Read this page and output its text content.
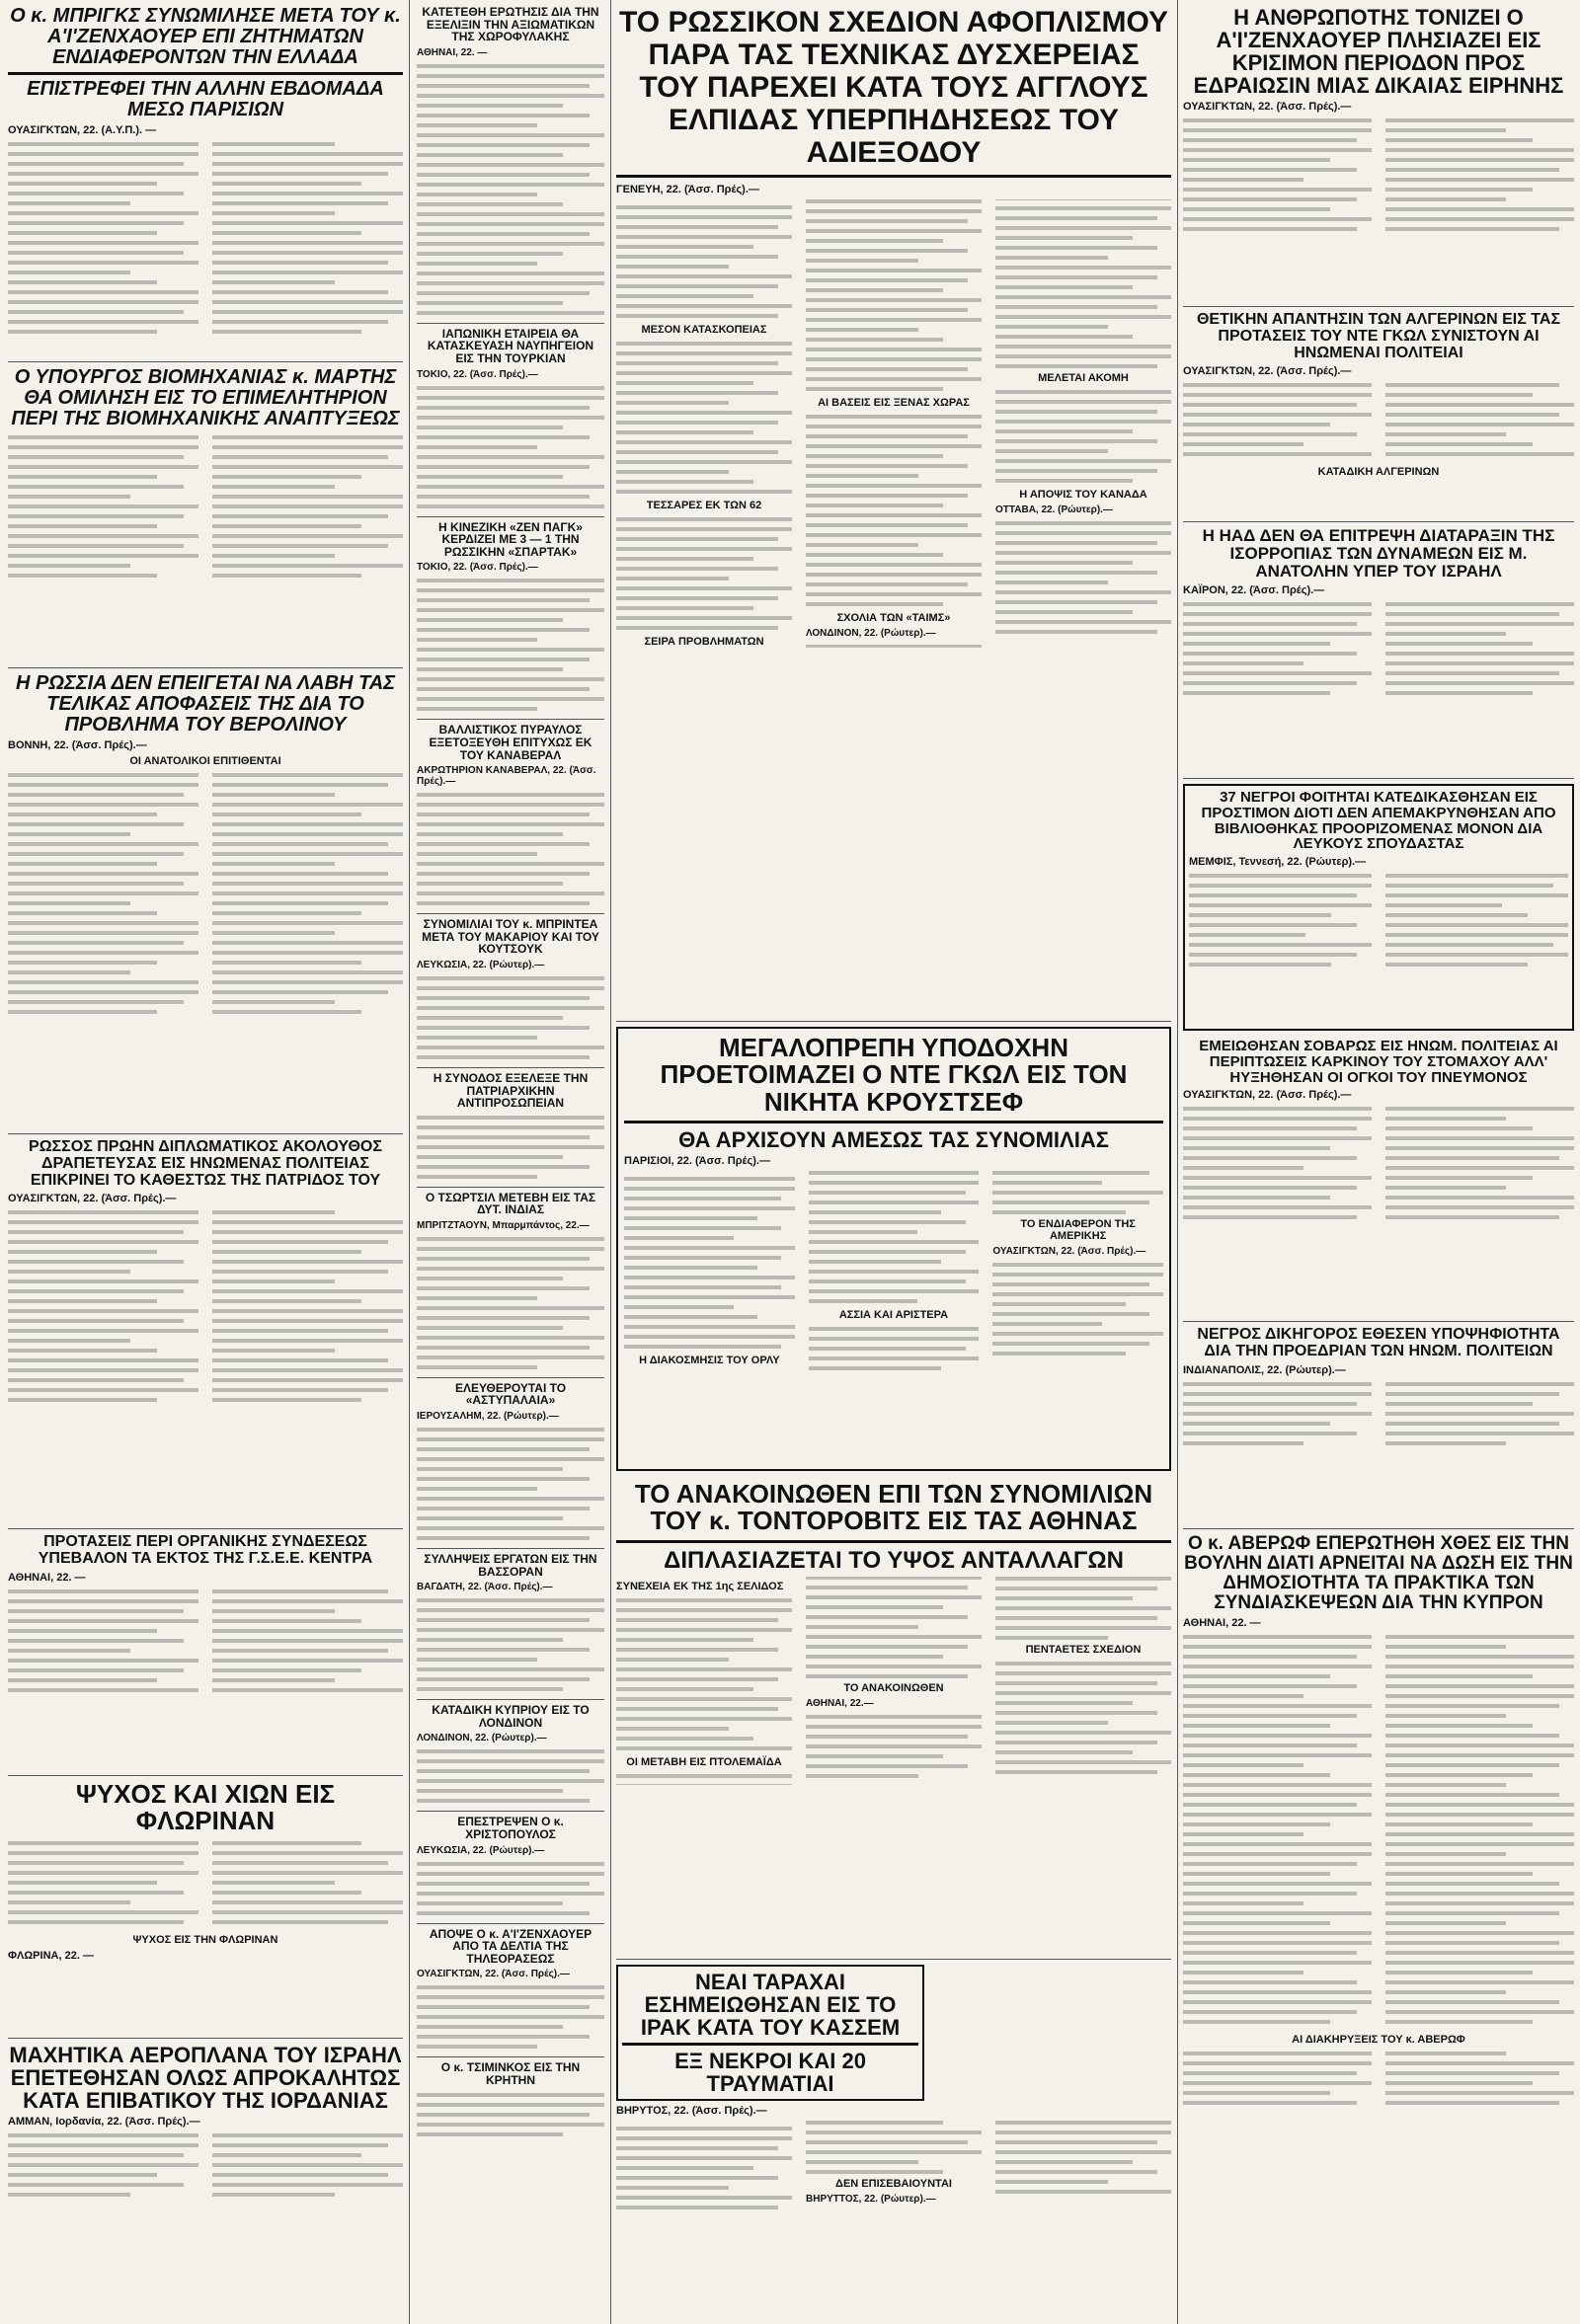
Ο κ. ΜΠΡΙΓΚΣ ΣΥΝΩΜΙΛΗΣΕ ΜΕΤΑ ΤΟΥ κ. Α'Ι'ΖΕΝΧΑΟΥΕΡ ΕΠΙ ΖΗΤΗΜΑΤΩΝ ΕΝΔΙΑΦΕΡΟΝΤΩΝ ΤΗΝ ΕΛΛΑΔΑ
ΕΠΙΣΤΡΕΦΕΙ ΤΗΝ ΑΛΛΗΝ ΕΒΔΟΜΑΔΑ ΜΕΣΩ ΠΑΡΙΣΙΩΝ
ΟΥΑΣΙΓΚΤΩΝ, 22. (Α.Υ.Π.). —
Ο ΥΠΟΥΡΓΟΣ ΒΙΟΜΗΧΑΝΙΑΣ κ. ΜΑΡΤΗΣ ΘΑ ΟΜΙΛΗΣΗ ΕΙΣ ΤΟ ΕΠΙΜΕΛΗΤΗΡΙΟΝ ΠΕΡΙ ΤΗΣ ΒΙΟΜΗΧΑΝΙΚΗΣ ΑΝΑΠΤΥΞΕΩΣ
Η ΡΩΣΣΙΑ ΔΕΝ ΕΠΕΙΓΕΤΑΙ ΝΑ ΛΑΒΗ ΤΑΣ ΤΕΛΙΚΑΣ ΑΠΟΦΑΣΕΙΣ ΤΗΣ ΔΙΑ ΤΟ ΠΡΟΒΛΗΜΑ ΤΟΥ ΒΕΡΟΛΙΝΟΥ
ΒΟΝΝΗ, 22. (Άσσ. Πρές).—
ΟΙ ΑΝΑΤΟΛΙΚΟΙ ΕΠΙΤΙΘΕΝΤΑΙ
ΡΩΣΣΟΣ ΠΡΩΗΝ ΔΙΠΛΩΜΑΤΙΚΟΣ ΑΚΟΛΟΥΘΟΣ ΔΡΑΠΕΤΕΥΣΑΣ ΕΙΣ ΗΝΩΜΕΝΑΣ ΠΟΛΙΤΕΙΑΣ ΕΠΙΚΡΙΝΕΙ ΤΟ ΚΑΘΕΣΤΩΣ ΤΗΣ ΠΑΤΡΙΔΟΣ ΤΟΥ
ΟΥΑΣΙΓΚΤΩΝ, 22. (Άσσ. Πρές).—
ΠΡΟΤΑΣΕΙΣ ΠΕΡΙ ΟΡΓΑΝΙΚΗΣ ΣΥΝΔΕΣΕΩΣ ΥΠΕΒΑΛΟΝ ΤΑ ΕΚΤΟΣ ΤΗΣ Γ.Σ.Ε.Ε. ΚΕΝΤΡΑ
ΑΘΗΝΑΙ, 22. —
ΨΥΧΟΣ ΚΑΙ ΧΙΩΝ ΕΙΣ ΦΛΩΡΙΝΑΝ
ΨΥΧΟΣ ΕΙΣ ΤΗΝ ΦΛΩΡΙΝΑΝ
ΦΛΩΡΙΝΑ, 22. —
ΜΑΧΗΤΙΚΑ ΑΕΡΟΠΛΑΝΑ ΤΟΥ ΙΣΡΑΗΛ ΕΠΕΤΕΘΗΣΑΝ ΟΛΩΣ ΑΠΡΟΚΑΛΗΤΩΣ ΚΑΤΑ ΕΠΙΒΑΤΙΚΟΥ ΤΗΣ ΙΟΡΔΑΝΙΑΣ
ΑΜΜΑΝ, Ιορδανία, 22. (Άσσ. Πρές).—
ΚΑΤΕΤΕΘΗ ΕΡΩΤΗΣΙΣ ΔΙΑ ΤΗΝ ΕΞΕΛΙΞΙΝ ΤΗΝ ΑΞΙΩΜΑΤΙΚΩΝ ΤΗΣ ΧΩΡΟΦΥΛΑΚΗΣ
ΑΘΗΝΑΙ, 22. —
ΙΑΠΩΝΙΚΗ ΕΤΑΙΡΕΙΑ ΘΑ ΚΑΤΑΣΚΕΥΑΣΗ ΝΑΥΠΗΓΕΙΟΝ ΕΙΣ ΤΗΝ ΤΟΥΡΚΙΑΝ
ΤΟΚΙΟ, 22. (Άσσ. Πρές).—
Η ΚΙΝΕΖΙΚΗ «ΖΕΝ ΠΑΓΚ» ΚΕΡΔΙΖΕΙ ΜΕ 3 — 1 ΤΗΝ ΡΩΣΣΙΚΗΝ «ΣΠΑΡΤΑΚ»
ΤΟΚΙΟ, 22. (Άσσ. Πρές).—
ΒΑΛΛΙΣΤΙΚΟΣ ΠΥΡΑΥΛΟΣ ΕΞΕΤΟΞΕΥΘΗ ΕΠΙΤΥΧΩΣ ΕΚ ΤΟΥ ΚΑΝΑΒΕΡΑΛ
ΑΚΡΩΤΗΡΙΟΝ ΚΑΝΑΒΕΡΑΛ, 22. (Άσσ. Πρές).—
ΣΥΝΟΜΙΛΙΑΙ ΤΟΥ κ. ΜΠΡΙΝΤΕΑ ΜΕΤΑ ΤΟΥ ΜΑΚΑΡΙΟΥ ΚΑΙ ΤΟΥ ΚΟΥΤΣΟΥΚ
ΛΕΥΚΩΣΙΑ, 22. (Ρώυτερ).—
Η ΣΥΝΟΔΟΣ ΕΞΕΛΕΞΕ ΤΗΝ ΠΑΤΡΙΑΡΧΙΚΗΝ ΑΝΤΙΠΡΟΣΩΠΕΙΑΝ
Ο ΤΣΩΡΤΣΙΛ ΜΕΤΕΒΗ ΕΙΣ ΤΑΣ ΔΥΤ. ΙΝΔΙΑΣ
ΜΠΡΙΤΖΤΑΟΥΝ, Μπαρμπάντος, 22.—
ΕΛΕΥΘΕΡΟΥΤΑΙ ΤΟ «ΑΣΤΥΠΑΛΑΙΑ»
ΙΕΡΟΥΣΑΛΗΜ, 22. (Ρώυτερ).—
ΣΥΛΛΗΨΕΙΣ ΕΡΓΑΤΩΝ ΕΙΣ ΤΗΝ ΒΑΣΣΟΡΑΝ
ΒΑΓΔΑΤΗ, 22. (Άσσ. Πρές).—
ΚΑΤΑΔΙΚΗ ΚΥΠΡΙΟΥ ΕΙΣ ΤΟ ΛΟΝΔΙΝΟΝ
ΛΟΝΔΙΝΟΝ, 22. (Ρώυτερ).—
ΕΠΕΣΤΡΕΨΕΝ Ο κ. ΧΡΙΣΤΟΠΟΥΛΟΣ
ΛΕΥΚΩΣΙΑ, 22. (Ρώυτερ).—
ΑΠΟΨΕ Ο κ. Α'Ι'ΖΕΝΧΑΟΥΕΡ ΑΠΟ ΤΑ ΔΕΛΤΙΑ ΤΗΣ ΤΗΛΕΟΡΑΣΕΩΣ
ΟΥΑΣΙΓΚΤΩΝ, 22. (Άσσ. Πρές).—
Ο κ. ΤΣΙΜΙΝΚΟΣ ΕΙΣ ΤΗΝ ΚΡΗΤΗΝ
ΤΟ ΡΩΣΣΙΚΟΝ ΣΧΕΔΙΟΝ ΑΦΟΠΛΙΣΜΟΥ ΠΑΡΑ ΤΑΣ ΤΕΧΝΙΚΑΣ ΔΥΣΧΕΡΕΙΑΣ ΤΟΥ ΠΑΡΕΧΕΙ ΚΑΤΑ ΤΟΥΣ ΑΓΓΛΟΥΣ ΕΛΠΙΔΑΣ ΥΠΕΡΠΗΔΗΣΕΩΣ ΤΟΥ ΑΔΙΕΞΟΔΟΥ
ΓΕΝΕΥΗ, 22. (Άσσ. Πρές).—
ΜΕΣΟΝ ΚΑΤΑΣΚΟΠΕΙΑΣ
ΤΕΣΣΑΡΕΣ ΕΚ ΤΩΝ 62
ΣΕΙΡΑ ΠΡΟΒΛΗΜΑΤΩΝ
ΑΙ ΒΑΣΕΙΣ ΕΙΣ ΞΕΝΑΣ ΧΩΡΑΣ
ΣΧΟΛΙΑ ΤΩΝ «ΤΑΙΜΣ»
ΛΟΝΔΙΝΟΝ, 22. (Ρώυτερ).—
ΜΕΛΕΤΑΙ ΑΚΟΜΗ
Η ΑΠΟΨΙΣ ΤΟΥ ΚΑΝΑΔΑ
ΟΤΤΑΒΑ, 22. (Ρώυτερ).—
ΜΕΓΑΛΟΠΡΕΠΗ ΥΠΟΔΟΧΗΝ ΠΡΟΕΤΟΙΜΑΖΕΙ Ο ΝΤΕ ΓΚΩΛ ΕΙΣ ΤΟΝ ΝΙΚΗΤΑ ΚΡΟΥΣΤΣΕΦ
ΘΑ ΑΡΧΙΣΟΥΝ ΑΜΕΣΩΣ ΤΑΣ ΣΥΝΟΜΙΛΙΑΣ
ΠΑΡΙΣΙΟΙ, 22. (Άσσ. Πρές).—
Η ΔΙΑΚΟΣΜΗΣΙΣ ΤΟΥ ΟΡΛΥ
ΑΣΣΙΑ ΚΑΙ ΑΡΙΣΤΕΡΑ
ΤΟ ΕΝΔΙΑΦΕΡΟΝ ΤΗΣ ΑΜΕΡΙΚΗΣ
ΟΥΑΣΙΓΚΤΩΝ, 22. (Άσσ. Πρές).—
ΤΟ ΑΝΑΚΟΙΝΩΘΕΝ ΕΠΙ ΤΩΝ ΣΥΝΟΜΙΛΙΩΝ ΤΟΥ κ. ΤΟΝΤΟΡΟΒΙΤΣ ΕΙΣ ΤΑΣ ΑΘΗΝΑΣ
ΔΙΠΛΑΣΙΑΖΕΤΑΙ ΤΟ ΥΨΟΣ ΑΝΤΑΛΛΑΓΩΝ
ΣΥΝΕΧΕΙΑ ΕΚ ΤΗΣ 1ης ΣΕΛΙΔΟΣ
ΟΙ ΜΕΤΑΒΗ ΕΙΣ ΠΤΟΛΕΜΑΪΔΑ
ΤΟ ΑΝΑΚΟΙΝΩΘΕΝ
ΑΘΗΝΑΙ, 22.—
ΠΕΝΤΑΕΤΕΣ ΣΧΕΔΙΟΝ
ΝΕΑΙ ΤΑΡΑΧΑΙ ΕΣΗΜΕΙΩΘΗΣΑΝ ΕΙΣ ΤΟ ΙΡΑΚ ΚΑΤΑ ΤΟΥ ΚΑΣΣΕΜ
ΕΞ ΝΕΚΡΟΙ ΚΑΙ 20 ΤΡΑΥΜΑΤΙΑΙ
ΒΗΡΥΤΟΣ, 22. (Άσσ. Πρές).—
ΔΕΝ ΕΠΙΣΕΒΑΙΟΥΝΤΑΙ
ΒΗΡΥΤΤΟΣ, 22. (Ρώυτερ).—
Η ΑΝΘΡΩΠΟΤΗΣ ΤΟΝΙΖΕΙ Ο Α'Ι'ΖΕΝΧΑΟΥΕΡ ΠΛΗΣΙΑΖΕΙ ΕΙΣ ΚΡΙΣΙΜΟΝ ΠΕΡΙΟΔΟΝ ΠΡΟΣ ΕΔΡΑΙΩΣΙΝ ΜΙΑΣ ΔΙΚΑΙΑΣ ΕΙΡΗΝΗΣ
ΟΥΑΣΙΓΚΤΩΝ, 22. (Άσσ. Πρές).—
ΘΕΤΙΚΗΝ ΑΠΑΝΤΗΣΙΝ ΤΩΝ ΑΛΓΕΡΙΝΩΝ ΕΙΣ ΤΑΣ ΠΡΟΤΑΣΕΙΣ ΤΟΥ ΝΤΕ ΓΚΩΛ ΣΥΝΙΣΤΟΥΝ ΑΙ ΗΝΩΜΕΝΑΙ ΠΟΛΙΤΕΙΑΙ
ΟΥΑΣΙΓΚΤΩΝ, 22. (Άσσ. Πρές).—
ΚΑΤΑΔΙΚΗ ΑΛΓΕΡΙΝΩΝ
Η ΗΑΔ ΔΕΝ ΘΑ ΕΠΙΤΡΕΨΗ ΔΙΑΤΑΡΑΞΙΝ ΤΗΣ ΙΣΟΡΡΟΠΙΑΣ ΤΩΝ ΔΥΝΑΜΕΩΝ ΕΙΣ Μ. ΑΝΑΤΟΛΗΝ ΥΠΕΡ ΤΟΥ ΙΣΡΑΗΛ
ΚΑΪΡΟΝ, 22. (Άσσ. Πρές).—
37 ΝΕΓΡΟΙ ΦΟΙΤΗΤΑΙ ΚΑΤΕΔΙΚΑΣΘΗΣΑΝ ΕΙΣ ΠΡΟΣΤΙΜΟΝ ΔΙΟΤΙ ΔΕΝ ΑΠΕΜΑΚΡΥΝΘΗΣΑΝ ΑΠΟ ΒΙΒΛΙΟΘΗΚΑΣ ΠΡΟΟΡΙΖΟΜΕΝΑΣ ΜΟΝΟΝ ΔΙΑ ΛΕΥΚΟΥΣ ΣΠΟΥΔΑΣΤΑΣ
ΜΕΜΦΙΣ, Τεννεσή, 22. (Ρώυτερ).—
ΕΜΕΙΩΘΗΣΑΝ ΣΟΒΑΡΩΣ ΕΙΣ ΗΝΩΜ. ΠΟΛΙΤΕΙΑΣ ΑΙ ΠΕΡΙΠΤΩΣΕΙΣ ΚΑΡΚΙΝΟΥ ΤΟΥ ΣΤΟΜΑΧΟΥ ΑΛΛ' ΗΥΞΗΘΗΣΑΝ ΟΙ ΟΓΚΟΙ ΤΟΥ ΠΝΕΥΜΟΝΟΣ
ΟΥΑΣΙΓΚΤΩΝ, 22. (Άσσ. Πρές).—
ΝΕΓΡΟΣ ΔΙΚΗΓΟΡΟΣ ΕΘΕΣΕΝ ΥΠΟΨΗΦΙΟΤΗΤΑ ΔΙΑ ΤΗΝ ΠΡΟΕΔΡΙΑΝ ΤΩΝ ΗΝΩΜ. ΠΟΛΙΤΕΙΩΝ
ΙΝΔΙΑΝΑΠΟΛΙΣ, 22. (Ρώυτερ).—
Ο κ. ΑΒΕΡΩΦ ΕΠΕΡΩΤΗΘΗ ΧΘΕΣ ΕΙΣ ΤΗΝ ΒΟΥΛΗΝ ΔΙΑΤΙ ΑΡΝΕΙΤΑΙ ΝΑ ΔΩΣΗ ΕΙΣ ΤΗΝ ΔΗΜΟΣΙΟΤΗΤΑ ΤΑ ΠΡΑΚΤΙΚΑ ΤΩΝ ΣΥΝΔΙΑΣΚΕΨΕΩΝ ΔΙΑ ΤΗΝ ΚΥΠΡΟΝ
ΑΘΗΝΑΙ, 22. —
ΑΙ ΔΙΑΚΗΡΥΞΕΙΣ ΤΟΥ κ. ΑΒΕΡΩΦ
